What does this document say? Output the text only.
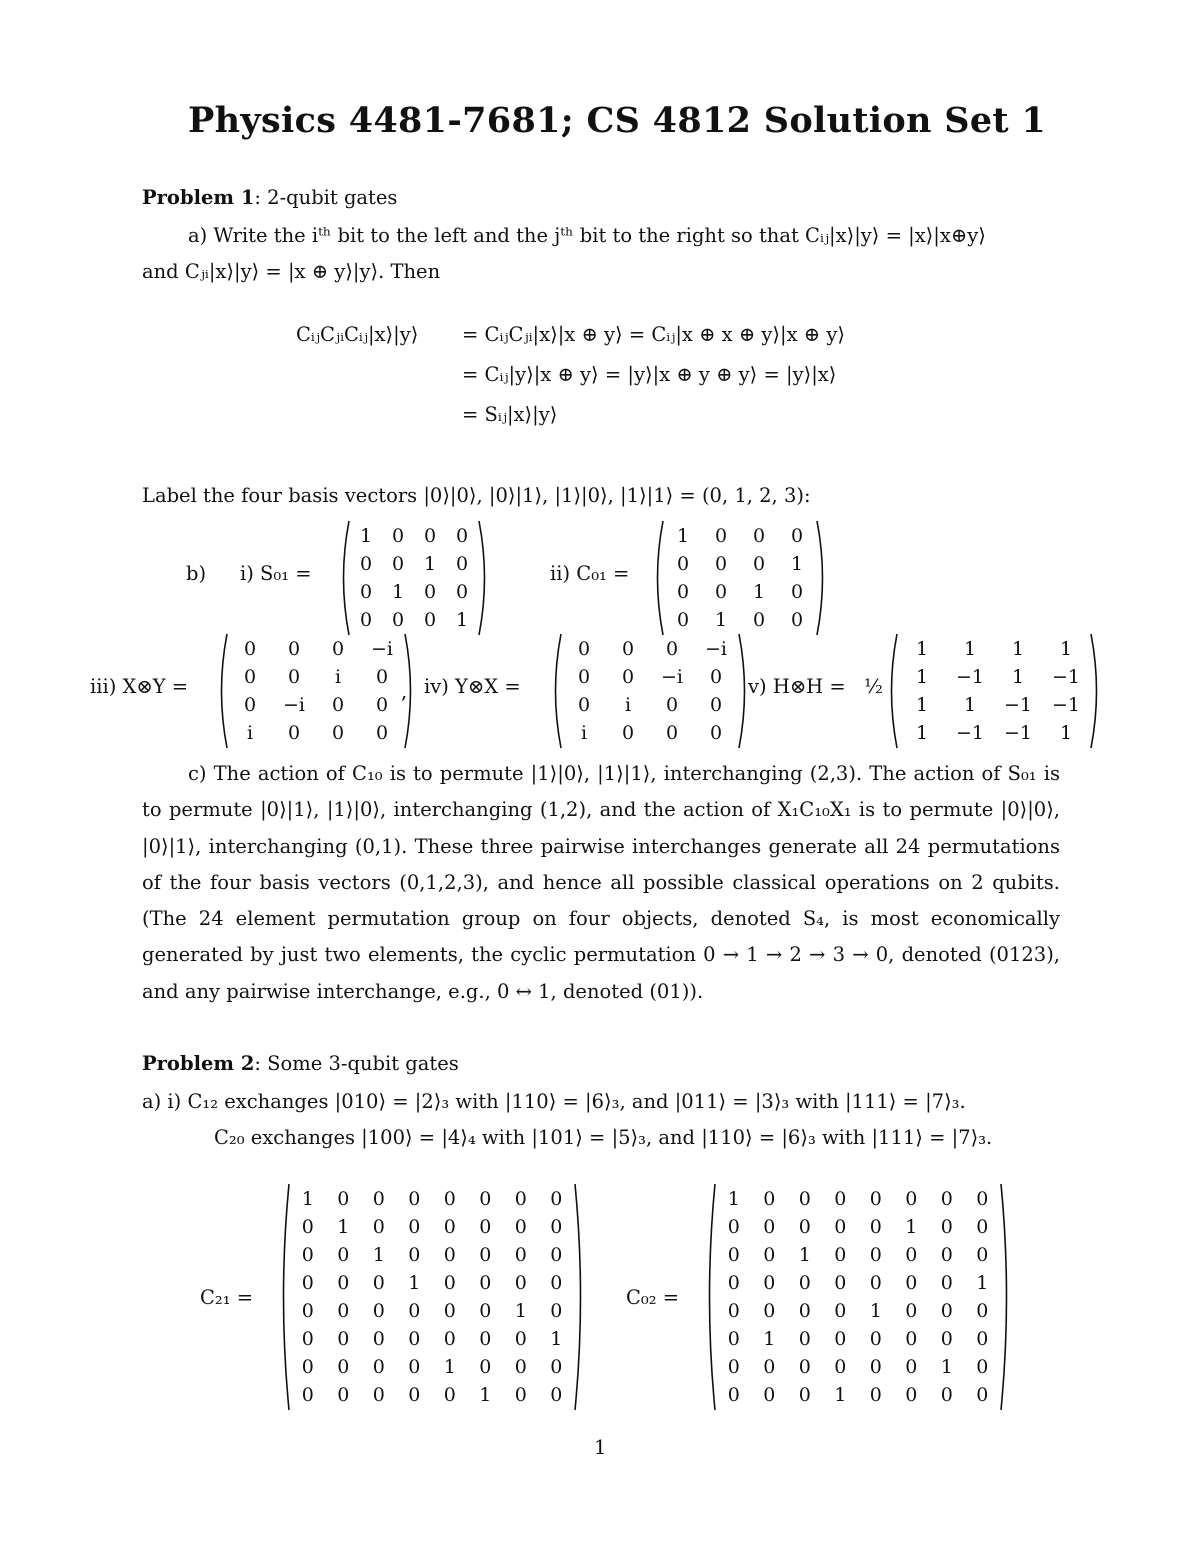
Physics 4481-7681; CS 4812 Solution Set 1
Problem 1: 2-qubit gates
a) Write the iᵗʰ bit to the left and the jᵗʰ bit to the right so that Cᵢⱼ|x⟩|y⟩ = |x⟩|x⊕y⟩
and Cⱼᵢ|x⟩|y⟩ = |x ⊕ y⟩|y⟩. Then
CᵢⱼCⱼᵢCᵢⱼ|x⟩|y⟩ = CᵢⱼCⱼᵢ|x⟩|x ⊕ y⟩ = Cᵢⱼ|x ⊕ x ⊕ y⟩|x ⊕ y⟩
= Cᵢⱼ|y⟩|x ⊕ y⟩ = |y⟩|x ⊕ y ⊕ y⟩ = |y⟩|x⟩
= Sᵢⱼ|x⟩|y⟩
Label the four basis vectors |0⟩|0⟩, |0⟩|1⟩, |1⟩|0⟩, |1⟩|1⟩ = (0, 1, 2, 3):
b) i) S₀₁ =
1	0	0	0
0	0	1	0
0	1	0	0
0	0	0	1
ii) C₀₁ =
1	0	0	0
0	0	0	1
0	0	1	0
0	1	0	0
iii) X⊗Y =
0	0	0	−i
0	0	i	0
0	−i	0	0
i	0	0	0
, iv) Y⊗X =
0	0	0	−i
0	0	−i	0
0	i	0	0
i	0	0	0
v) H⊗H = ½
1	1	1	1
1	−1	1	−1
1	1	−1	−1
1	−1	−1	1
c) The action of C₁₀ is to permute |1⟩|0⟩, |1⟩|1⟩, interchanging (2,3). The action of S₀₁ is to permute |0⟩|1⟩, |1⟩|0⟩, interchanging (1,2), and the action of X₁C₁₀X₁ is to permute |0⟩|0⟩, |0⟩|1⟩, interchanging (0,1). These three pairwise interchanges generate all 24 permutations of the four basis vectors (0,1,2,3), and hence all possible classical operations on 2 qubits. (The 24 element permutation group on four objects, denoted S₄, is most economically generated by just two elements, the cyclic permutation 0 → 1 → 2 → 3 → 0, denoted (0123), and any pairwise interchange, e.g., 0 ↔ 1, denoted (01)).
Problem 2: Some 3-qubit gates
a) i) C₁₂ exchanges |010⟩ = |2⟩₃ with |110⟩ = |6⟩₃, and |011⟩ = |3⟩₃ with |111⟩ = |7⟩₃.
C₂₀ exchanges |100⟩ = |4⟩₄ with |101⟩ = |5⟩₃, and |110⟩ = |6⟩₃ with |111⟩ = |7⟩₃.
C₂₁ =
1	0	0	0	0	0	0	0
0	1	0	0	0	0	0	0
0	0	1	0	0	0	0	0
0	0	0	1	0	0	0	0
0	0	0	0	0	0	1	0
0	0	0	0	0	0	0	1
0	0	0	0	1	0	0	0
0	0	0	0	0	1	0	0
C₀₂ =
1	0	0	0	0	0	0	0
0	0	0	0	0	1	0	0
0	0	1	0	0	0	0	0
0	0	0	0	0	0	0	1
0	0	0	0	1	0	0	0
0	1	0	0	0	0	0	0
0	0	0	0	0	0	1	0
0	0	0	1	0	0	0	0
1
